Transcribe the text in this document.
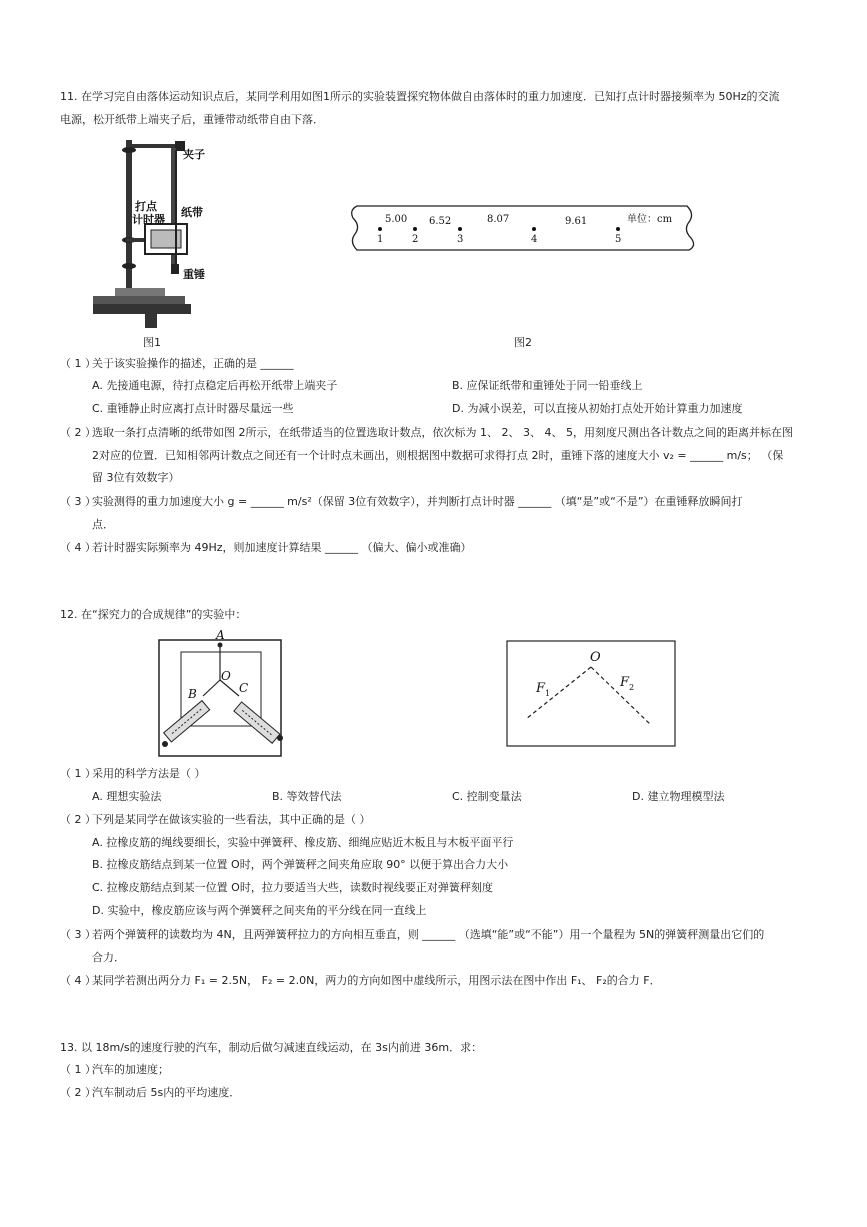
11. 在学习完自由落体运动知识点后，某同学利用如图1所示的实验装置探究物体做自由落体时的重力加速度．已知打点计时器接频率为 50Hz的交流
电源，松开纸带上端夹子后，重锤带动纸带自由下落．
夹子
打点
计时器
纸带
重锤
图1
5.00 6.52	8.07	9.61	单位：cm
1	2	3	4	5
图2
（ 1 ）
关于该实验操作的描述，正确的是 ______
A. 先接通电源，待打点稳定后再松开纸带上端夹子	B. 应保证纸带和重锤处于同一铅垂线上
C. 重锤静止时应离打点计时器尽量远一些	D. 为减小误差，可以直接从初始打点处开始计算重力加速度
（ 2 ）
选取一条打点清晰的纸带如图 2所示，在纸带适当的位置选取计数点，依次标为 1、 2、 3、 4、 5，用刻度尺测出各计数点之间的距离并标在图
2对应的位置．已知相邻两计数点之间还有一个计时点未画出，则根据图中数据可求得打点 2时，重锤下落的速度大小 v₂ = ______ m/s； （保
留 3位有效数字）
（ 3 ）
实验测得的重力加速度大小 g = ______ m/s²（保留 3位有效数字），并判断打点计时器 ______ （填“是”或“不是”）在重锤释放瞬间打
点．
（ 4 ）
若计时器实际频率为 49Hz，则加速度计算结果 ______ （偏大、偏小或准确）
12. 在“探究力的合成规律”的实验中：
A
O
B	C
O
F 1
F 2
（ 1 ）
采用的科学方法是（ ）
A. 理想实验法	B. 等效替代法	C. 控制变量法	D. 建立物理模型法
（ 2 ）
下列是某同学在做该实验的一些看法，其中正确的是（ ）
A. 拉橡皮筋的绳线要细长，实验中弹簧秤、橡皮筋、细绳应贴近木板且与木板平面平行
B. 拉橡皮筋结点到某一位置 O时，两个弹簧秤之间夹角应取 90° 以便于算出合力大小
C. 拉橡皮筋结点到某一位置 O时，拉力要适当大些，读数时视线要正对弹簧秤刻度
D. 实验中，橡皮筋应该与两个弹簧秤之间夹角的平分线在同一直线上
（ 3 ）
若两个弹簧秤的读数均为 4N，且两弹簧秤拉力的方向相互垂直，则 ______ （选填“能”或“不能”）用一个量程为 5N的弹簧秤测量出它们的
合力．
（ 4 ）
某同学若测出两分力 F₁ = 2.5N， F₂ = 2.0N，两力的方向如图中虚线所示，用图示法在图中作出 F₁、 F₂的合力 F．
13. 以 18m/s的速度行驶的汽车，制动后做匀减速直线运动，在 3s内前进 36m．求：
（ 1 ）
汽车的加速度；
（ 2 ）
汽车制动后 5s内的平均速度．
